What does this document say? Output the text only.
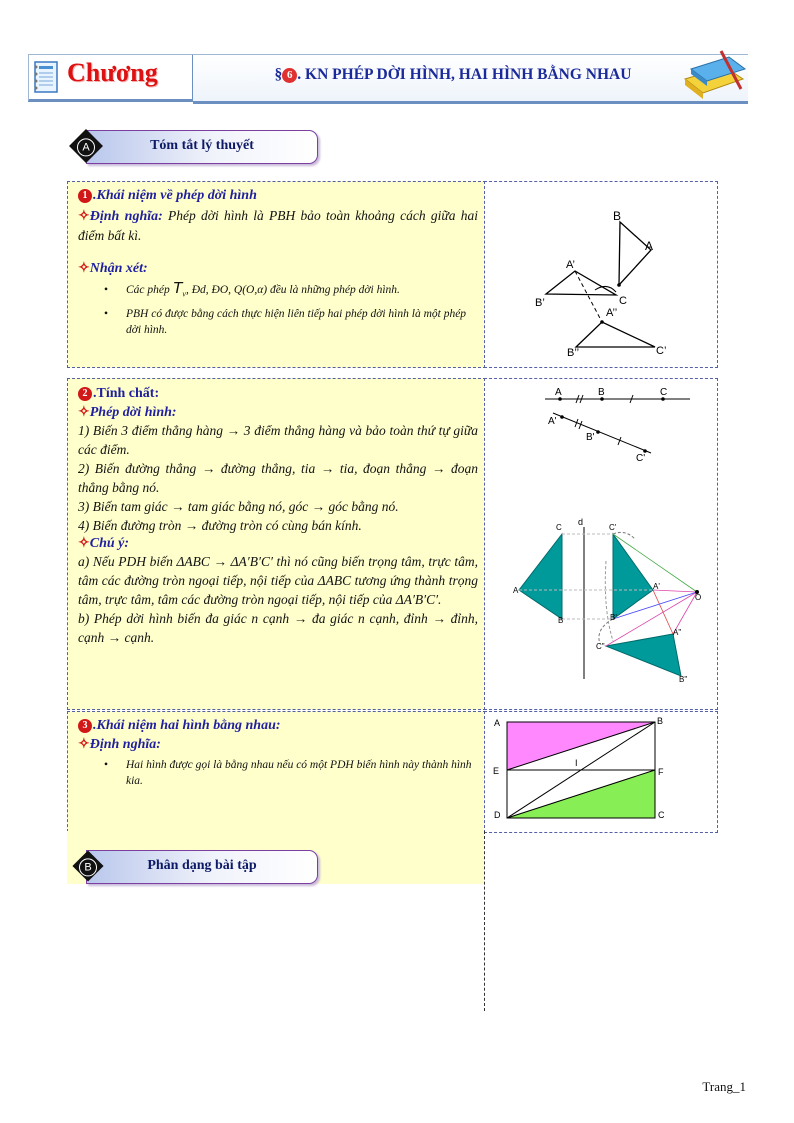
Chương	§ 6 . KN PHÉP DỜI HÌNH, HAI HÌNH BẰNG NHAU
Tóm tắt lý thuyết
A
1 .Khái niệm về phép dời hình
✧Định nghĩa: Phép dời hình là PBH bảo toàn khoảng cách giữa hai điểm bất kì.
✧Nhận xét:
• Các phép $T_v$, Đd, ĐO, Q(O,α) đều là những phép dời hình.
• PBH có được bằng cách thực hiện liên tiếp hai phép dời hình là một phép dời hình.
B
A
A’
B’	C
A’’
B’’	C’
2 .Tính chất:
✧Phép dời hình:
1) Biến 3 điểm thẳng hàng → 3 điểm thẳng hàng và bảo toàn thứ tự giữa các điểm.
2) Biến đường thẳng → đường thẳng, tia → tia, đoạn thẳng → đoạn thẳng bằng nó.
3) Biến tam giác → tam giác bằng nó, góc → góc bằng nó.
4) Biến đường tròn → đường tròn có cùng bán kính.
✧Chú ý:
a) Nếu PDH biến ΔABC → ΔA′B′C′ thì nó cũng biến trọng tâm, trực tâm, tâm các đường tròn ngoại tiếp, nội tiếp của ΔABC tương ứng thành trọng tâm, trực tâm, tâm các đường tròn ngoại tiếp, nội tiếp của ΔA′B′C′.
b) Phép dời hình biến đa giác n cạnh → đa giác n cạnh, đỉnh → đỉnh, cạnh → cạnh.
A	B	C
A'
B'
C'
d
C	C'
A	A'
O
B	B'
A"
C"
B"
3 .Khái niệm hai hình bằng nhau:
✧Định nghĩa:
• Hai hình được gọi là bằng nhau nếu có một PDH biến hình này thành hình kia.
A	B
E
I
F
D	C
Phân dạng bài tập
B
Trang_1
